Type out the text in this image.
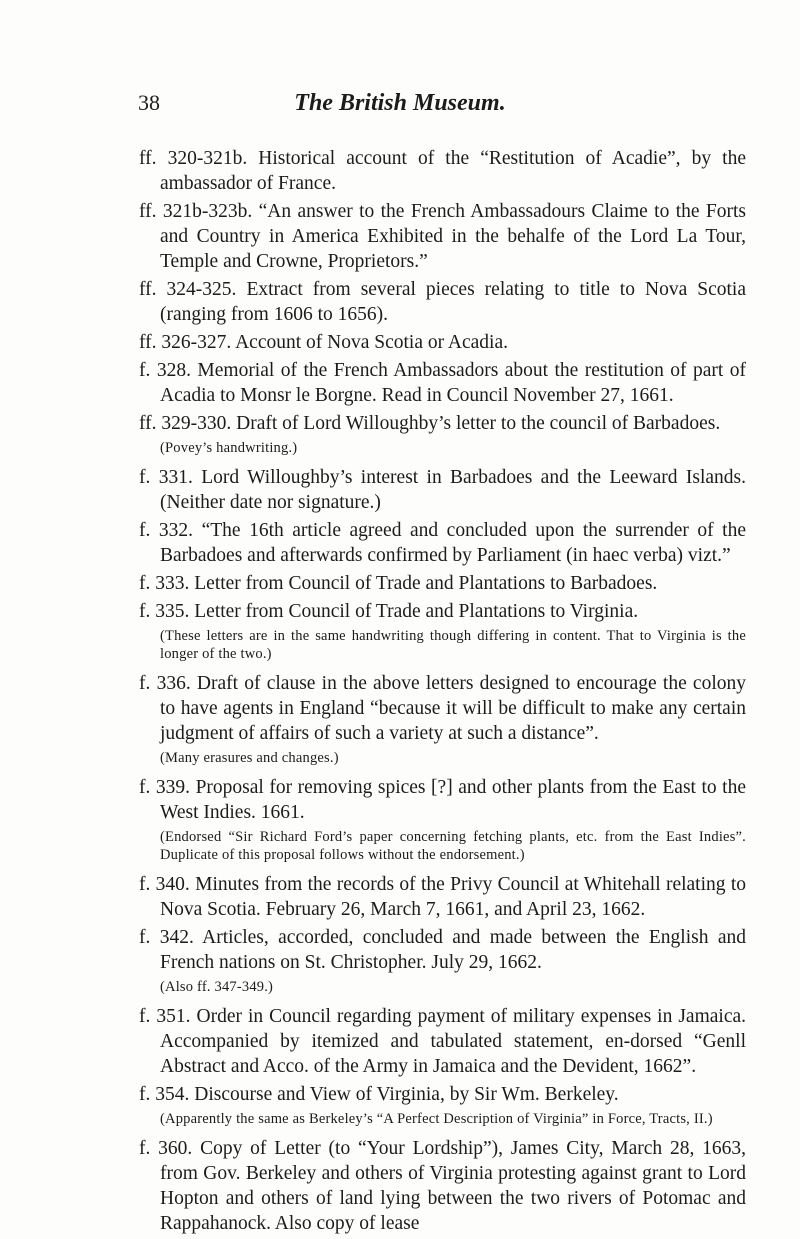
38	The British Museum.

ff. 320-321b. Historical account of the “Restitution of Acadie”, by the ambassador of France.

ff. 321b-323b. “An answer to the French Ambassadours Claime to the Forts and Country in America Exhibited in the behalfe of the Lord La Tour, Temple and Crowne, Proprietors.”

ff. 324-325. Extract from several pieces relating to title to Nova Scotia (ranging from 1606 to 1656).

ff. 326-327. Account of Nova Scotia or Acadia.

f. 328. Memorial of the French Ambassadors about the restitution of part of Acadia to Monsr le Borgne. Read in Council November 27, 1661.

ff. 329-330. Draft of Lord Willoughby’s letter to the council of Barbadoes.

(Povey’s handwriting.)

f. 331. Lord Willoughby’s interest in Barbadoes and the Leeward Islands. (Neither date nor signature.)

f. 332. “The 16th article agreed and concluded upon the surrender of the Barbadoes and afterwards confirmed by Parliament (in haec verba) vizt.”

f. 333. Letter from Council of Trade and Plantations to Barbadoes.

f. 335. Letter from Council of Trade and Plantations to Virginia.

(These letters are in the same handwriting though differing in content. That to Virginia is the longer of the two.)

f. 336. Draft of clause in the above letters designed to encourage the colony to have agents in England “because it will be difficult to make any certain judgment of affairs of such a variety at such a distance”.

(Many erasures and changes.)

f. 339. Proposal for removing spices [?] and other plants from the East to the West Indies. 1661.

(Endorsed “Sir Richard Ford’s paper concerning fetching plants, etc. from the East Indies”. Duplicate of this proposal follows without the endorsement.)

f. 340. Minutes from the records of the Privy Council at Whitehall relating to Nova Scotia. February 26, March 7, 1661, and April 23, 1662.

f. 342. Articles, accorded, concluded and made between the English and French nations on St. Christopher. July 29, 1662.

(Also ff. 347-349.)

f. 351. Order in Council regarding payment of military expenses in Jamaica. Accompanied by itemized and tabulated statement, en-dorsed “Genll Abstract and Acco. of the Army in Jamaica and the Devident, 1662”.

f. 354. Discourse and View of Virginia, by Sir Wm. Berkeley.

(Apparently the same as Berkeley’s “A Perfect Description of Virginia” in Force, Tracts, II.)

f. 360. Copy of Letter (to “Your Lordship”), James City, March 28, 1663, from Gov. Berkeley and others of Virginia protesting against grant to Lord Hopton and others of land lying between the two rivers of Potomac and Rappahanock. Also copy of lease
